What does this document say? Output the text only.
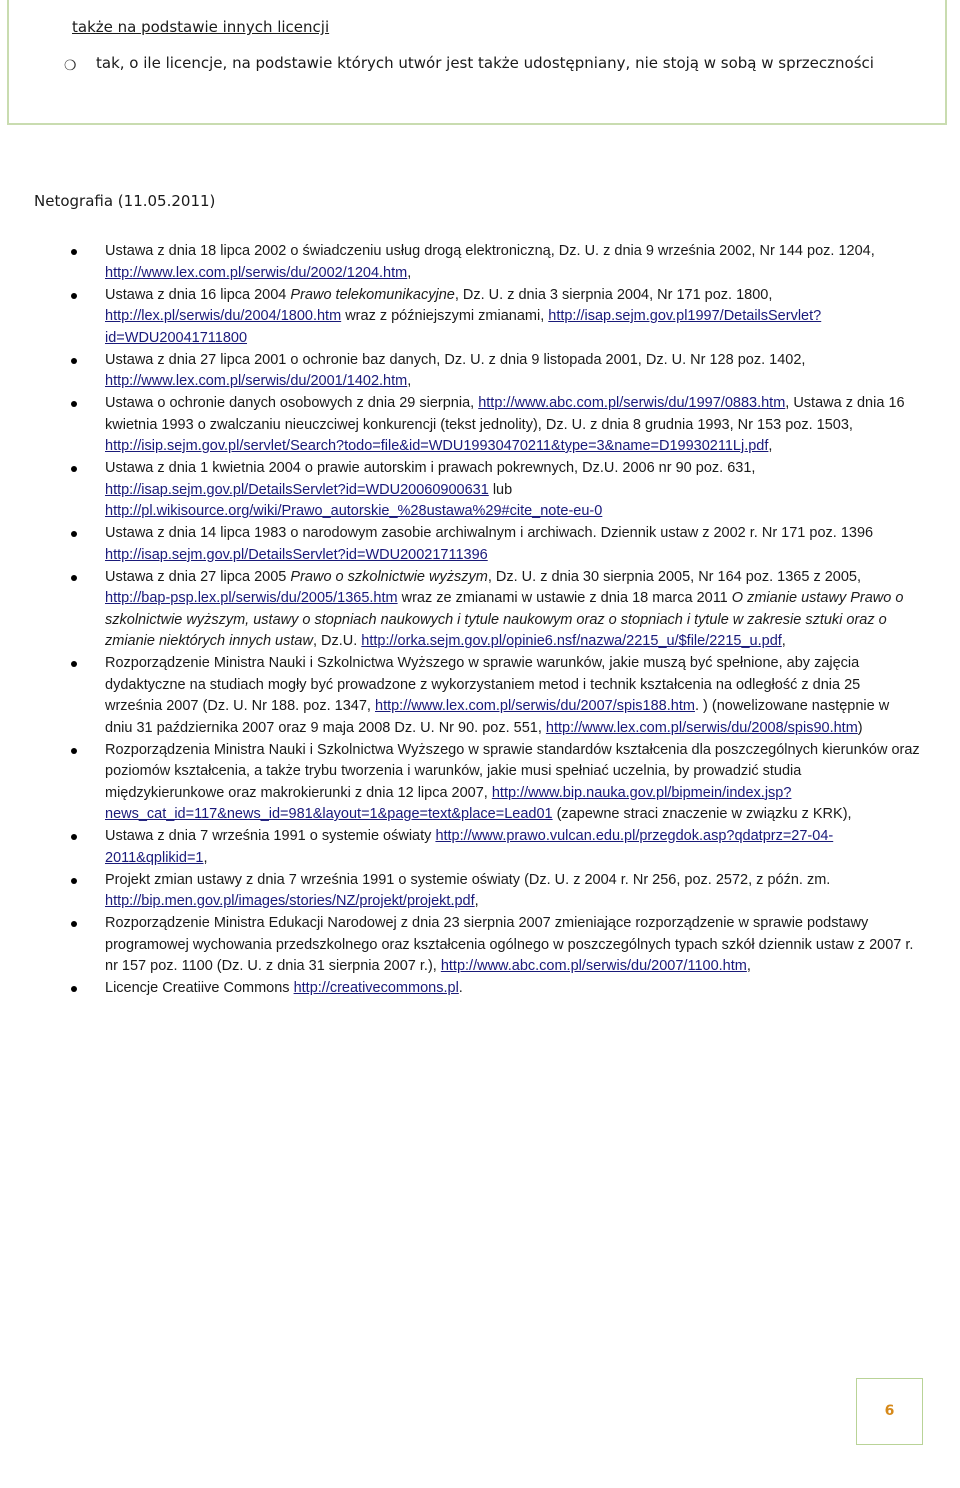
także na podstawie innych licencji
❍ tak, o ile licencje, na podstawie których utwór jest także udostępniany, nie stoją w sobą w sprzeczności
Netografia (11.05.2011)
Ustawa z dnia 18 lipca 2002 o świadczeniu usług drogą elektroniczną, Dz. U. z dnia 9 września 2002, Nr 144 poz. 1204, http://www.lex.com.pl/serwis/du/2002/1204.htm,
Ustawa z dnia 16 lipca 2004 Prawo telekomunikacyjne, Dz. U. z dnia 3 sierpnia 2004, Nr 171 poz. 1800, http://lex.pl/serwis/du/2004/1800.htm wraz z późniejszymi zmianami, http://isap.sejm.gov.pl1997/DetailsServlet?id=WDU20041711800
Ustawa z dnia 27 lipca 2001 o ochronie baz danych, Dz. U. z dnia 9 listopada 2001, Dz. U. Nr 128 poz. 1402, http://www.lex.com.pl/serwis/du/2001/1402.htm,
Ustawa o ochronie danych osobowych z dnia 29 sierpnia, http://www.abc.com.pl/serwis/du/1997/0883.htm, Ustawa z dnia 16 kwietnia 1993 o zwalczaniu nieuczciwej konkurencji (tekst jednolity), Dz. U. z dnia 8 grudnia 1993, Nr 153 poz. 1503, http://isip.sejm.gov.pl/servlet/Search?todo=file&id=WDU19930470211&type=3&name=D19930211Lj.pdf,
Ustawa z dnia 1 kwietnia 2004 o prawie autorskim i prawach pokrewnych, Dz.U. 2006 nr 90 poz. 631, http://isap.sejm.gov.pl/DetailsServlet?id=WDU20060900631 lub http://pl.wikisource.org/wiki/Prawo_autorskie_%28ustawa%29#cite_note-eu-0
Ustawa z dnia 14 lipca 1983 o narodowym zasobie archiwalnym i archiwach. Dziennik ustaw z 2002 r. Nr 171 poz. 1396 http://isap.sejm.gov.pl/DetailsServlet?id=WDU20021711396
Ustawa z dnia 27 lipca 2005 Prawo o szkolnictwie wyższym, Dz. U. z dnia 30 sierpnia 2005, Nr 164 poz. 1365 z 2005, http://bap-psp.lex.pl/serwis/du/2005/1365.htm wraz ze zmianami w ustawie z dnia 18 marca 2011 O zmianie ustawy Prawo o szkolnictwie wyższym, ustawy o stopniach naukowych i tytule naukowym oraz o stopniach i tytule w zakresie sztuki oraz o zmianie niektórych innych ustaw, Dz.U. http://orka.sejm.gov.pl/opinie6.nsf/nazwa/2215_u/$file/2215_u.pdf,
Rozporządzenie Ministra Nauki i Szkolnictwa Wyższego w sprawie warunków, jakie muszą być spełnione, aby zajęcia dydaktyczne na studiach mogły być prowadzone z wykorzystaniem metod i technik kształcenia na odległość z dnia 25 września 2007 (Dz. U. Nr 188. poz. 1347, http://www.lex.com.pl/serwis/du/2007/spis188.htm. ) (nowelizowane następnie w dniu 31 października 2007 oraz 9 maja 2008 Dz. U. Nr 90. poz. 551, http://www.lex.com.pl/serwis/du/2008/spis90.htm)
Rozporządzenia Ministra Nauki i Szkolnictwa Wyższego w sprawie standardów kształcenia dla poszczególnych kierunków oraz poziomów kształcenia, a także trybu tworzenia i warunków, jakie musi spełniać uczelnia, by prowadzić studia międzykierunkowe oraz makrokierunki z dnia 12 lipca 2007, http://www.bip.nauka.gov.pl/bipmein/index.jsp?news_cat_id=117&news_id=981&layout=1&page=text&place=Lead01 (zapewne straci znaczenie w związku z KRK),
Ustawa z dnia 7 września 1991 o systemie oświaty http://www.prawo.vulcan.edu.pl/przegdok.asp?qdatprz=27-04-2011&qplikid=1,
Projekt zmian ustawy z dnia 7 września 1991 o systemie oświaty (Dz. U. z 2004 r. Nr 256, poz. 2572, z późn. zm. http://bip.men.gov.pl/images/stories/NZ/projekt/projekt.pdf,
Rozporządzenie Ministra Edukacji Narodowej z dnia 23 sierpnia 2007 zmieniające rozporządzenie w sprawie podstawy programowej wychowania przedszkolnego oraz kształcenia ogólnego w poszczególnych typach szkół dziennik ustaw z 2007 r. nr 157 poz. 1100 (Dz. U. z dnia 31 sierpnia 2007 r.), http://www.abc.com.pl/serwis/du/2007/1100.htm,
Licencje Creatiive Commons http://creativecommons.pl.
6
